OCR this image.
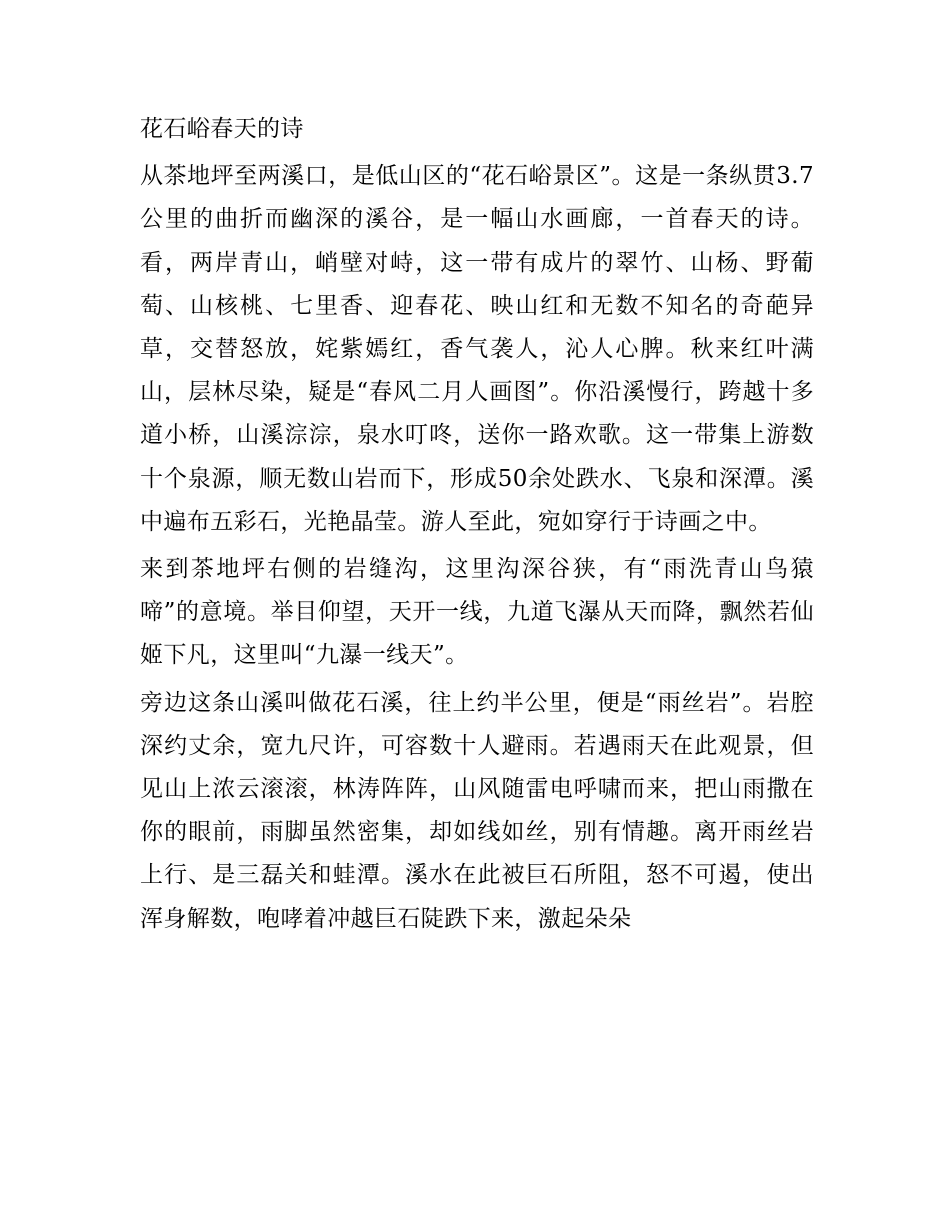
花石峪春天的诗

从茶地坪至两溪口，是低山区的“花石峪景区”。这是一条纵贯3.7公里的曲折而幽深的溪谷，是一幅山水画廊，一首春天的诗。看，两岸青山，峭壁对峙，这一带有成片的翠竹、山杨、野葡萄、山核桃、七里香、迎春花、映山红和无数不知名的奇葩异草，交替怒放，姹紫嫣红，香气袭人，沁人心脾。秋来红叶满山，层林尽染，疑是“春风二月人画图”。你沿溪慢行，跨越十多道小桥，山溪淙淙，泉水叮咚，送你一路欢歌。这一带集上游数十个泉源，顺无数山岩而下，形成50余处跌水、飞泉和深潭。溪中遍布五彩石，光艳晶莹。游人至此，宛如穿行于诗画之中。

来到茶地坪右侧的岩缝沟，这里沟深谷狭，有“雨洗青山鸟猿啼”的意境。举目仰望，天开一线，九道飞瀑从天而降，飘然若仙姬下凡，这里叫“九瀑一线天”。

旁边这条山溪叫做花石溪，往上约半公里，便是“雨丝岩”。岩腔深约丈余，宽九尺许，可容数十人避雨。若遇雨天在此观景，但见山上浓云滚滚，林涛阵阵，山风随雷电呼啸而来，把山雨撒在你的眼前，雨脚虽然密集，却如线如丝，别有情趣。离开雨丝岩上行、是三磊关和蛙潭。溪水在此被巨石所阻，怒不可遏，使出浑身解数，咆哮着冲越巨石陡跌下来，激起朵朵
